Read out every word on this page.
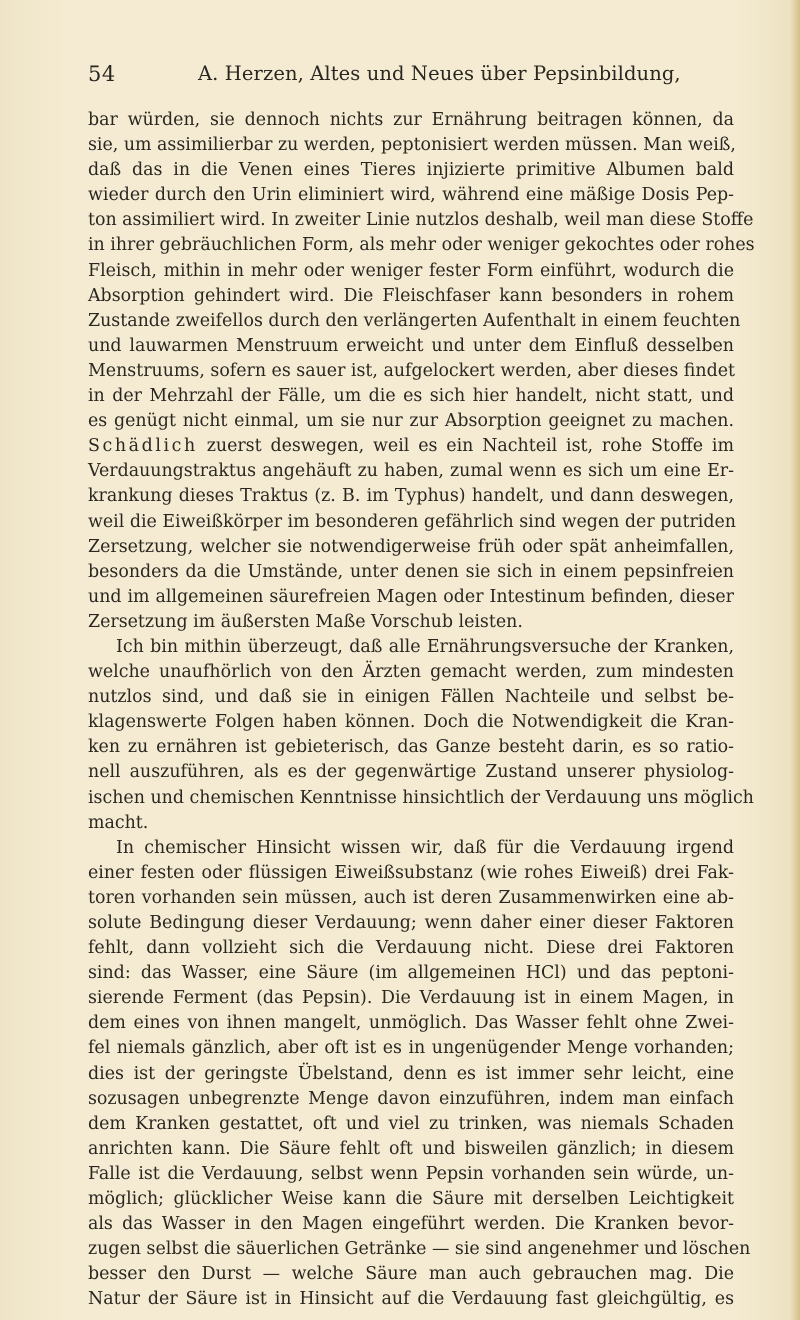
54	A. Herzen, Altes und Neues über Pepsinbildung,
bar würden, sie dennoch nichts zur Ernährung beitragen können, da
sie, um assimilierbar zu werden, peptonisiert werden müssen. Man weiß,
daß das in die Venen eines Tieres injizierte primitive Albumen bald
wieder durch den Urin eliminiert wird, während eine mäßige Dosis Pep-
ton assimiliert wird. In zweiter Linie nutzlos deshalb, weil man diese Stoffe
in ihrer gebräuchlichen Form, als mehr oder weniger gekochtes oder rohes
Fleisch, mithin in mehr oder weniger fester Form einführt, wodurch die
Absorption gehindert wird. Die Fleischfaser kann besonders in rohem
Zustande zweifellos durch den verlängerten Aufenthalt in einem feuchten
und lauwarmen Menstruum erweicht und unter dem Einfluß desselben
Menstruums, sofern es sauer ist, aufgelockert werden, aber dieses findet
in der Mehrzahl der Fälle, um die es sich hier handelt, nicht statt, und
es genügt nicht einmal, um sie nur zur Absorption geeignet zu machen.
Schädlich zuerst deswegen, weil es ein Nachteil ist, rohe Stoffe im
Verdauungstraktus angehäuft zu haben, zumal wenn es sich um eine Er-
krankung dieses Traktus (z. B. im Typhus) handelt, und dann deswegen,
weil die Eiweißkörper im besonderen gefährlich sind wegen der putriden
Zersetzung, welcher sie notwendigerweise früh oder spät anheimfallen,
besonders da die Umstände, unter denen sie sich in einem pepsinfreien
und im allgemeinen säurefreien Magen oder Intestinum befinden, dieser
Zersetzung im äußersten Maße Vorschub leisten.
Ich bin mithin überzeugt, daß alle Ernährungsversuche der Kranken,
welche unaufhörlich von den Ärzten gemacht werden, zum mindesten
nutzlos sind, und daß sie in einigen Fällen Nachteile und selbst be-
klagenswerte Folgen haben können. Doch die Notwendigkeit die Kran-
ken zu ernähren ist gebieterisch, das Ganze besteht darin, es so ratio-
nell auszuführen, als es der gegenwärtige Zustand unserer physiolog-
ischen und chemischen Kenntnisse hinsichtlich der Verdauung uns möglich
macht.
In chemischer Hinsicht wissen wir, daß für die Verdauung irgend
einer festen oder flüssigen Eiweißsubstanz (wie rohes Eiweiß) drei Fak-
toren vorhanden sein müssen, auch ist deren Zusammenwirken eine ab-
solute Bedingung dieser Verdauung; wenn daher einer dieser Faktoren
fehlt, dann vollzieht sich die Verdauung nicht. Diese drei Faktoren
sind: das Wasser, eine Säure (im allgemeinen HCl) und das peptoni-
sierende Ferment (das Pepsin). Die Verdauung ist in einem Magen, in
dem eines von ihnen mangelt, unmöglich. Das Wasser fehlt ohne Zwei-
fel niemals gänzlich, aber oft ist es in ungenügender Menge vorhanden;
dies ist der geringste Übelstand, denn es ist immer sehr leicht, eine
sozusagen unbegrenzte Menge davon einzuführen, indem man einfach
dem Kranken gestattet, oft und viel zu trinken, was niemals Schaden
anrichten kann. Die Säure fehlt oft und bisweilen gänzlich; in diesem
Falle ist die Verdauung, selbst wenn Pepsin vorhanden sein würde, un-
möglich; glücklicher Weise kann die Säure mit derselben Leichtigkeit
als das Wasser in den Magen eingeführt werden. Die Kranken bevor-
zugen selbst die säuerlichen Getränke — sie sind angenehmer und löschen
besser den Durst — welche Säure man auch gebrauchen mag. Die
Natur der Säure ist in Hinsicht auf die Verdauung fast gleichgültig, es
